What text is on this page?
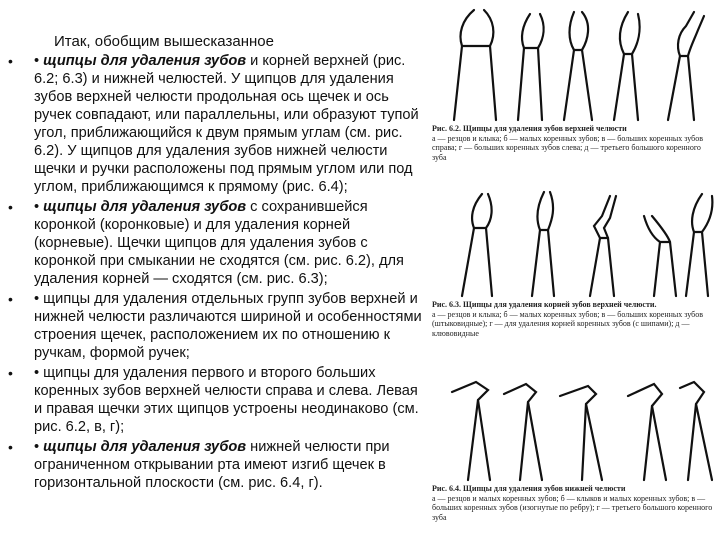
Итак, обобщим вышесказанное
• • щипцы для удаления зубов и корней верхней (рис. 6.2; 6.3) и нижней челюстей. У щипцов для удаления зубов верхней челюсти продольная ось щечек и ось ручек совпадают, или параллельны, или образуют тупой угол, приближающийся к двум прямым углам (см. рис. 6.2). У щипцов для удаления зубов нижней челюсти щечки и ручки расположены под прямым углом или под углом, приближающимся к прямому (рис. 6.4);
• • щипцы для удаления зубов с сохранившейся коронкой (коронковые) и для удаления корней (корневые). Щечки щипцов для удаления зубов с коронкой при смыкании не сходятся (см. рис. 6.2), для удаления корней — сходятся (см. рис. 6.3);
• • щипцы для удаления отдельных групп зубов верхней и нижней челюсти различаются шириной и особенностями строения щечек, расположением их по отношению к ручкам, формой ручек;
• • щипцы для удаления первого и второго больших коренных зубов верхней челюсти справа и слева. Левая и правая щечки этих щипцов устроены неодинаково (см. рис. 6.2, в, г);
• • щипцы для удаления зубов нижней челюсти при ограниченном открывании рта имеют изгиб щечек в горизонтальной плоскости (см. рис. 6.4, г).
Рис. 6.2. Щипцы для удаления зубов верхней челюсти
а — резцов и клыка; б — малых коренных зубов; в — больших коренных зубов справа; г — больших коренных зубов слева; д — третьего большого коренного зуба
Рис. 6.3. Щипцы для удаления корней зубов верхней челюсти.
а — резцов и клыка; б — малых коренных зубов; в — больших коренных зубов (штыковидные); г — для удаления корней коренных зубов (с шипами); д — клювовидные
Рис. 6.4. Щипцы для удаления зубов нижней челюсти
а — резцов и малых коренных зубов; б — клыков и малых коренных зубов; в — больших коренных зубов (изогнутые по ребру); г — третьего большого коренного зуба
